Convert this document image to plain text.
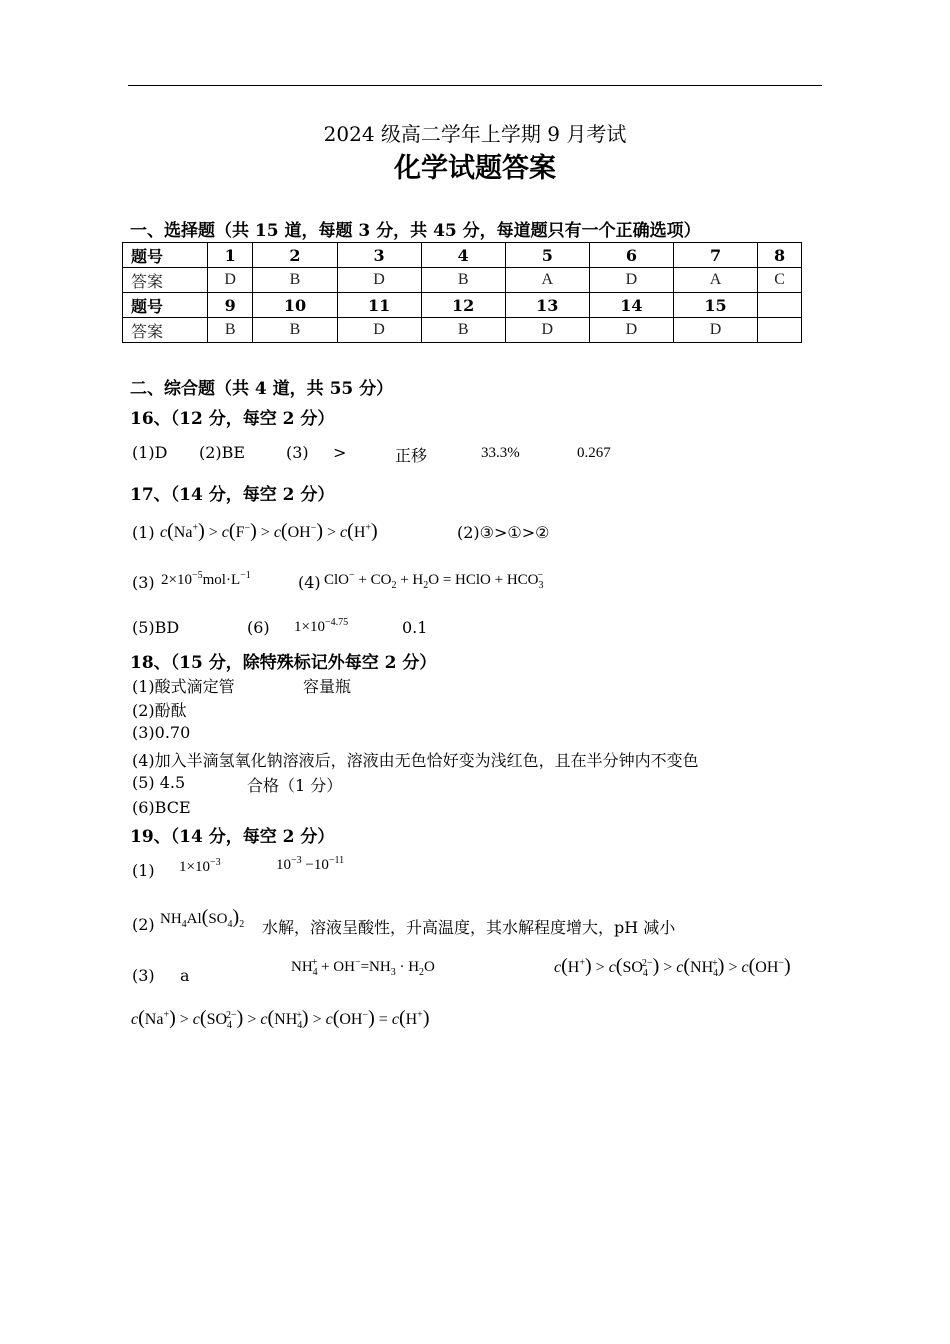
2024 级高二学年上学期 9 月考试
化学试题答案
一、选择题（共 15 道，每题 3 分，共 45 分，每道题只有一个正确选项）
题号	1	2	3	4	5	6	7	8
答案	D	B	D	B	A	D	A	C
题号	9	10	11	12	13	14	15	
答案	B	B	D	B	D	D	D	
二、综合题（共 4 道，共 55 分）
16、（12 分，每空 2 分）
(1)D (2)BE	(3) >	正移	33.3%	0.267
17、（14 分，每空 2 分）
(1) c(Na+) > c(F−) > c(OH−) > c(H+)	(2)③>①>②
(3) $2\times 10^{-5}mol\cdot L^{-1}$	(4) $ClO^- + CO_2 + H_2O$ = HClO + $HCO_3^-$
(5)BD	(6) $1\times 10^{-4.75}$	0.1
18、（15 分，除特殊标记外每空 2 分）
(1)酸式滴定管	容量瓶
(2)酚酞
(3)0.70
(4)加入半滴氢氧化钠溶液后，溶液由无色恰好变为浅红色，且在半分钟内不变色
(5) 4.5	合格（1 分）
(6)BCE
19、（14 分，每空 2 分）
(1) $1\times 10^{-3}$	$10^{-3} -10^{-11}$
(2) $NH_4Al(SO_4)_2$ 水解，溶液呈酸性，升高温度，其水解程度增大，pH 减小
(3) a	$NH_4^+ + OH^-=NH_3 \cdot H_2O$	$c(H^+) > c(SO_4^{2-}) > c(NH_4^+) > c(OH^-)$
$c(Na^+) > c(SO_4^{2-}) > c(NH_4^+) > c(OH^-) = c(H^+)$
